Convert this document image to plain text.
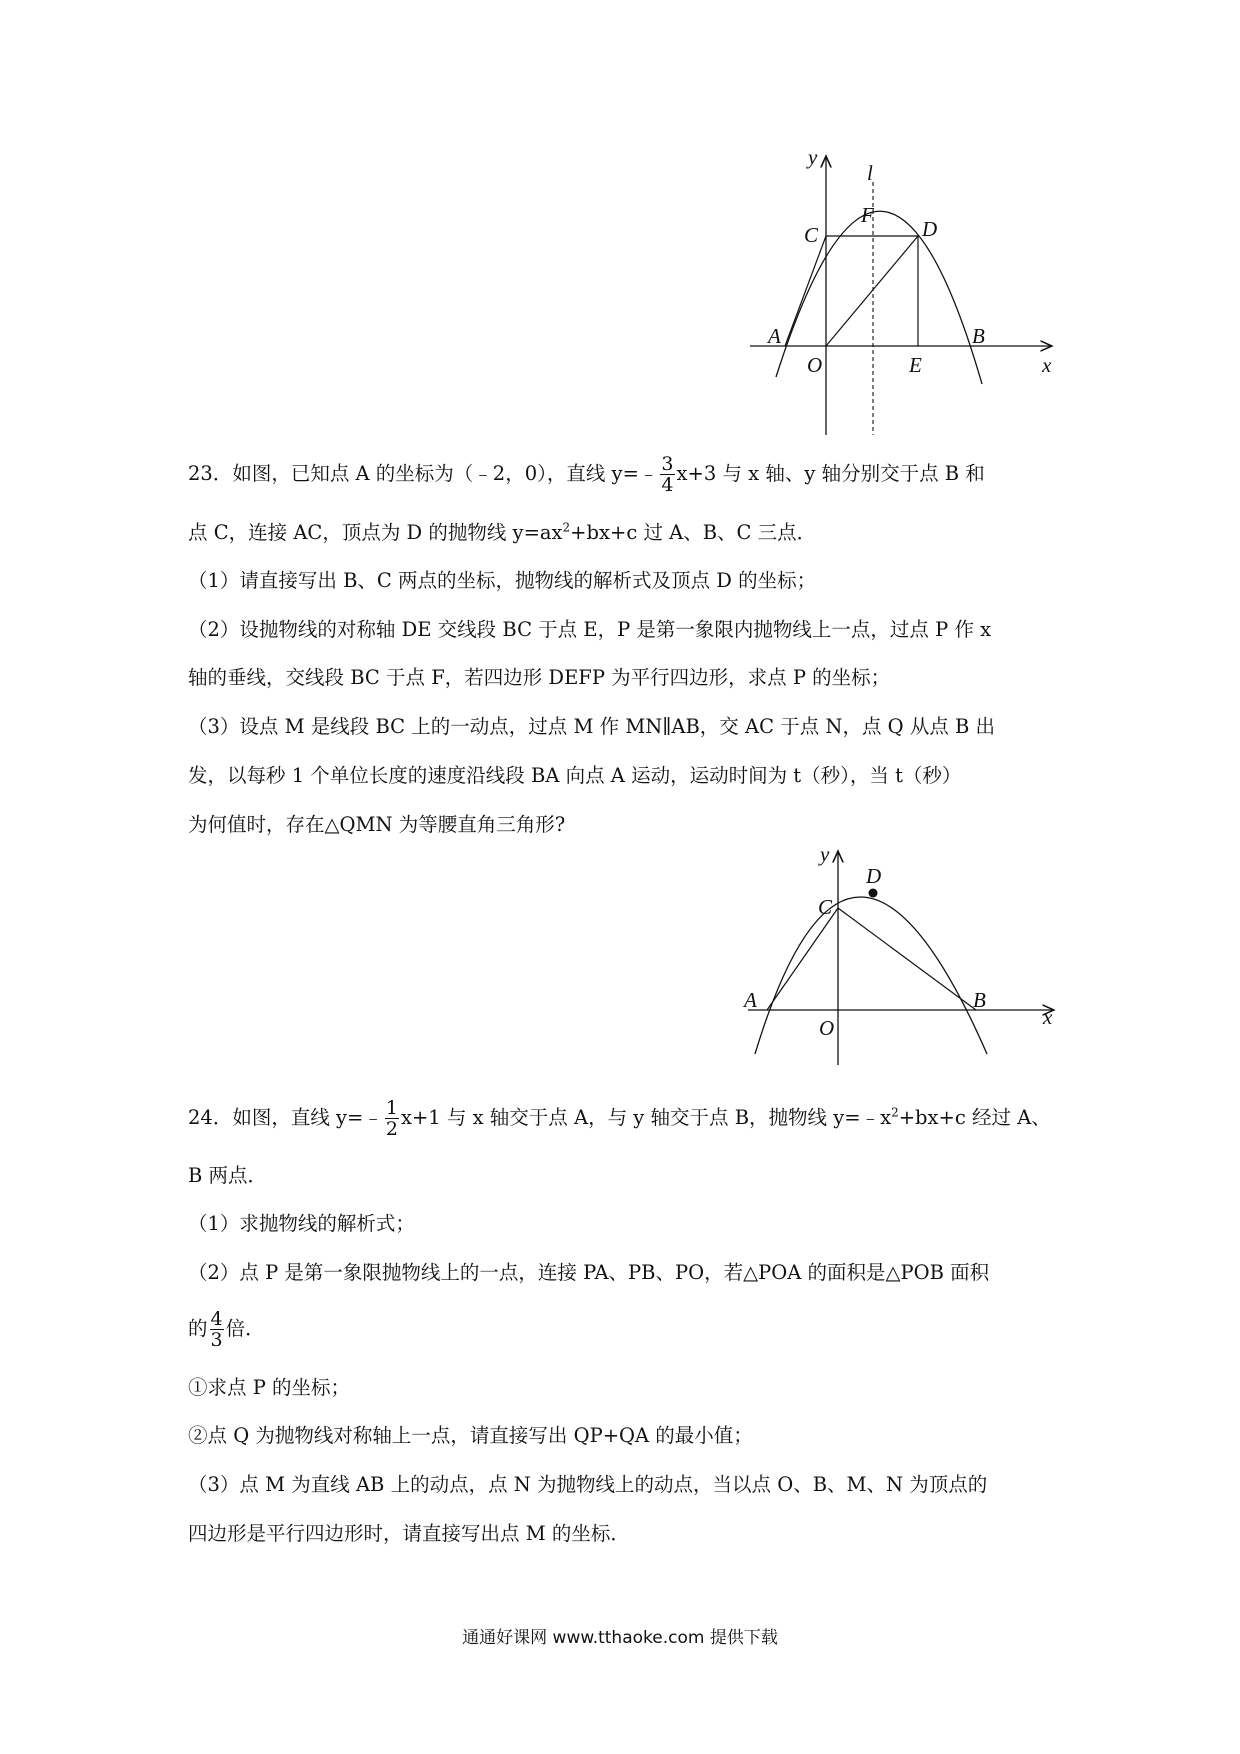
y
l
F
C	D
A
O	E
B
x
23．如图，已知点 A 的坐标为（﹣2，0），直线 y=﹣ $\frac{3}{4} x+3$ 与 x 轴、y 轴分别交于点 B 和
点 C，连接 AC，顶点为 D 的抛物线 $y=ax^2+bx+c$ 过 A、B、C 三点．
（1）请直接写出 B、C 两点的坐标，抛物线的解析式及顶点 D 的坐标；
（2）设抛物线的对称轴 DE 交线段 BC 于点 E，P 是第一象限内抛物线上一点，过点 P 作 x
轴的垂线，交线段 BC 于点 F，若四边形 DEFP 为平行四边形，求点 P 的坐标；
（3）设点 M 是线段 BC 上的一动点，过点 M 作 MN∥AB，交 AC 于点 N，点 Q 从点 B 出
发，以每秒 1 个单位长度的速度沿线段 BA 向点 A 运动，运动时间为 t（秒），当 t（秒）
为何值时，存在△QMN 为等腰直角三角形?
y
D
C
A
O
B
x
24．如图，直线 y=﹣ $\frac{1}{2} x+1$ 与 x 轴交于点 A，与 y 轴交于点 B，抛物线 $y=﹣x^2+bx+c$ 经过 A、
B 两点．
（1）求抛物线的解析式；
（2）点 P 是第一象限抛物线上的一点，连接 PA、PB、PO，若△POA 的面积是△POB 面积
的 $\frac{4}{3}$ 倍．
①求点 P 的坐标；
②点 Q 为抛物线对称轴上一点，请直接写出 QP+QA 的最小值；
（3）点 M 为直线 AB 上的动点，点 N 为抛物线上的动点，当以点 O、B、M、N 为顶点的
四边形是平行四边形时，请直接写出点 M 的坐标．
通通好课网 www.tthaoke.com 提供下载
